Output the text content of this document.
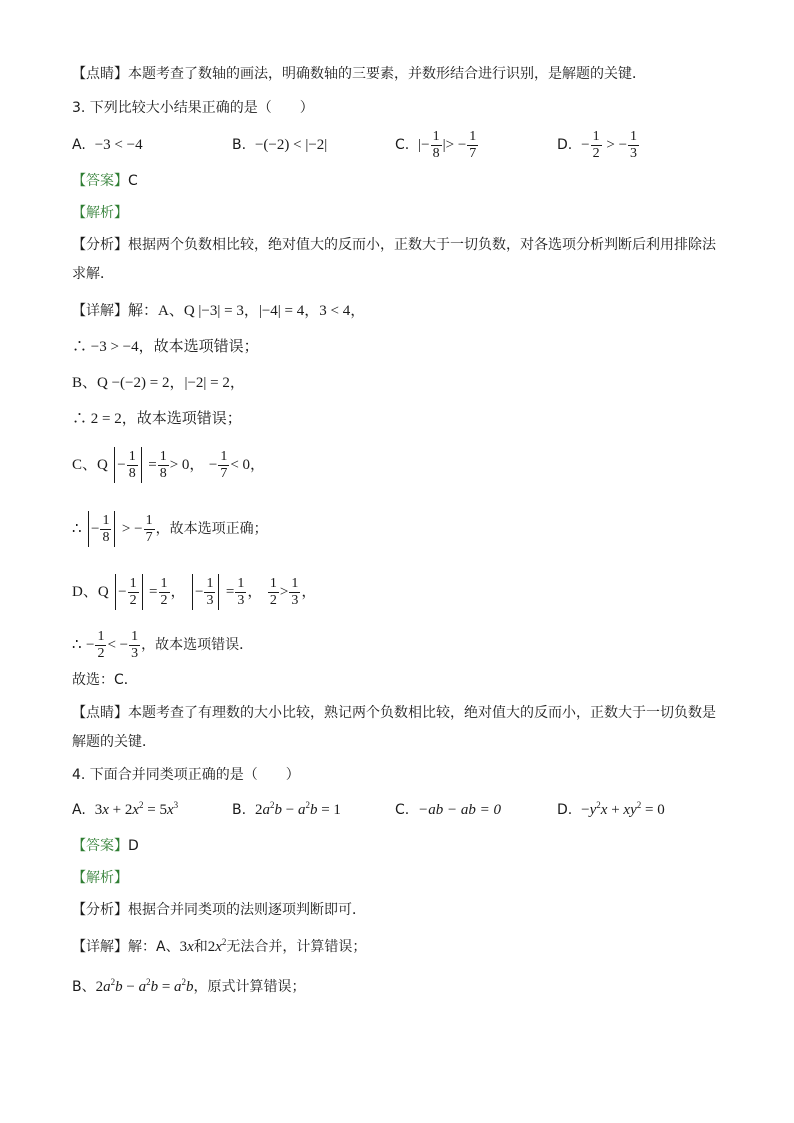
【点睛】本题考查了数轴的画法，明确数轴的三要素，并数形结合进行识别，是解题的关键．
3. 下列比较大小结果正确的是（　　）
A. −3 < −4	B. −(−2) < |−2|	C. |− $\frac{1}{8}$ |> − $\frac{1}{7}$	D. − $\frac{1}{2}$ > − $\frac{1}{3}$
【答案】C
【解析】
【分析】根据两个负数相比较，绝对值大的反而小，正数大于一切负数，对各选项分析判断后利用排除法
求解．
【详解】解：A、Q |−3| = 3，|−4| = 4，3 < 4，
∴ −3 > −4，故本选项错误；
B、Q −(−2) = 2，|−2| = 2，
∴ 2 = 2，故本选项错误；
C、$Q - \frac{1}{8} = \frac{1}{8} > 0$， − $\frac{1}{7} < 0$，
∴ − $\frac{1}{8}$ > − $\frac{1}{7}$ ，故本选项正确；
D、$Q - \frac{1}{2} = \frac{1}{2}$ ， − $\frac{1}{3} = \frac{1}{3}$ ， $\frac{1}{2} > \frac{1}{3}$ ，
∴ − $\frac{1}{2}$ < − $\frac{1}{3}$ ，故本选项错误．
故选：C．
【点睛】本题考查了有理数的大小比较，熟记两个负数相比较，绝对值大的反而小，正数大于一切负数是
解题的关键．
4. 下面合并同类项正确的是（　　）
A. $3x + 2x^2 = 5x^3$	B. $2a^2b - a^2b = 1$	C. −ab − ab = 0	D. $-y^2x + xy^2 = 0$
【答案】D
【解析】
【分析】根据合并同类项的法则逐项判断即可．
【详解】解：A、3x和$2x^2$无法合并，计算错误；
B、$2a^2b - a^2b = a^2b$，原式计算错误；
